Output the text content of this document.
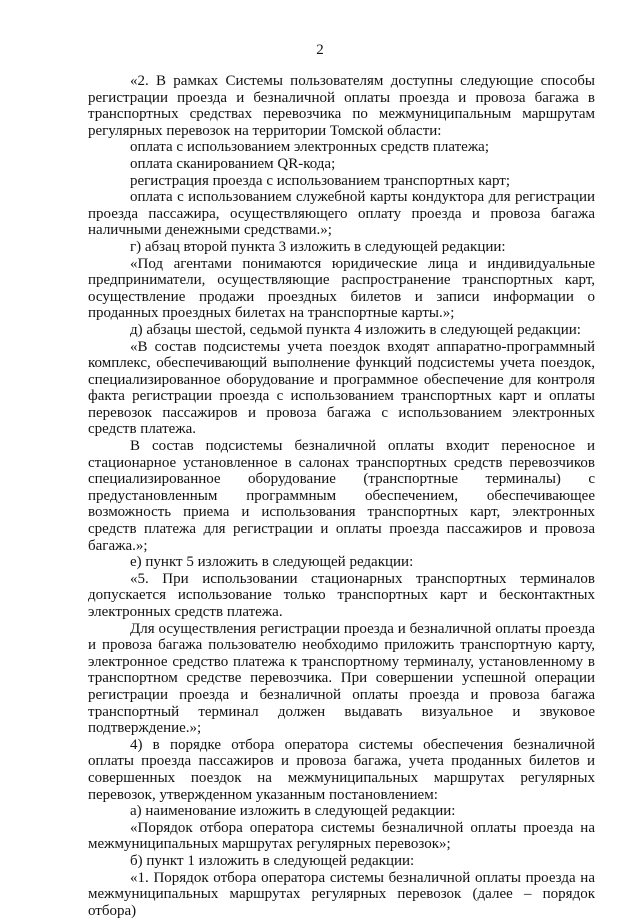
2

«2. В рамках Системы пользователям доступны следующие способы регистрации проезда и безналичной оплаты проезда и провоза багажа в транспортных средствах перевозчика по межмуниципальным маршрутам регулярных перевозок на территории Томской области:

оплата с использованием электронных средств платежа;

оплата сканированием QR-кода;

регистрация проезда с использованием транспортных карт;

оплата с использованием служебной карты кондуктора для регистрации проезда пассажира, осуществляющего оплату проезда и провоза багажа наличными денежными средствами.»;

г) абзац второй пункта 3 изложить в следующей редакции:

«Под агентами понимаются юридические лица и индивидуальные предприниматели, осуществляющие распространение транспортных карт, осуществление продажи проездных билетов и записи информации о проданных проездных билетах на транспортные карты.»;

д) абзацы шестой, седьмой пункта 4 изложить в следующей редакции:

«В состав подсистемы учета поездок входят аппаратно-программный комплекс, обеспечивающий выполнение функций подсистемы учета поездок, специализированное оборудование и программное обеспечение для контроля факта регистрации проезда с использованием транспортных карт и оплаты перевозок пассажиров и провоза багажа с использованием электронных средств платежа.

В состав подсистемы безналичной оплаты входит переносное и стационарное установленное в салонах транспортных средств перевозчиков специализированное оборудование (транспортные терминалы) с предустановленным программным обеспечением, обеспечивающее возможность приема и использования транспортных карт, электронных средств платежа для регистрации и оплаты проезда пассажиров и провоза багажа.»;

е) пункт 5 изложить в следующей редакции:

«5. При использовании стационарных транспортных терминалов допускается использование только транспортных карт и бесконтактных электронных средств платежа.

Для осуществления регистрации проезда и безналичной оплаты проезда и провоза багажа пользователю необходимо приложить транспортную карту, электронное средство платежа к транспортному терминалу, установленному в транспортном средстве перевозчика. При совершении успешной операции регистрации проезда и безналичной оплаты проезда и провоза багажа транспортный терминал должен выдавать визуальное и звуковое подтверждение.»;

4) в порядке отбора оператора системы обеспечения безналичной оплаты проезда пассажиров и провоза багажа, учета проданных билетов и совершенных поездок на межмуниципальных маршрутах регулярных перевозок, утвержденном указанным постановлением:

а) наименование изложить в следующей редакции:

«Порядок отбора оператора системы безналичной оплаты проезда на межмуниципальных маршрутах регулярных перевозок»;

б) пункт 1 изложить в следующей редакции:

«1. Порядок отбора оператора системы безналичной оплаты проезда на межмуниципальных маршрутах регулярных перевозок (далее – порядок отбора)
